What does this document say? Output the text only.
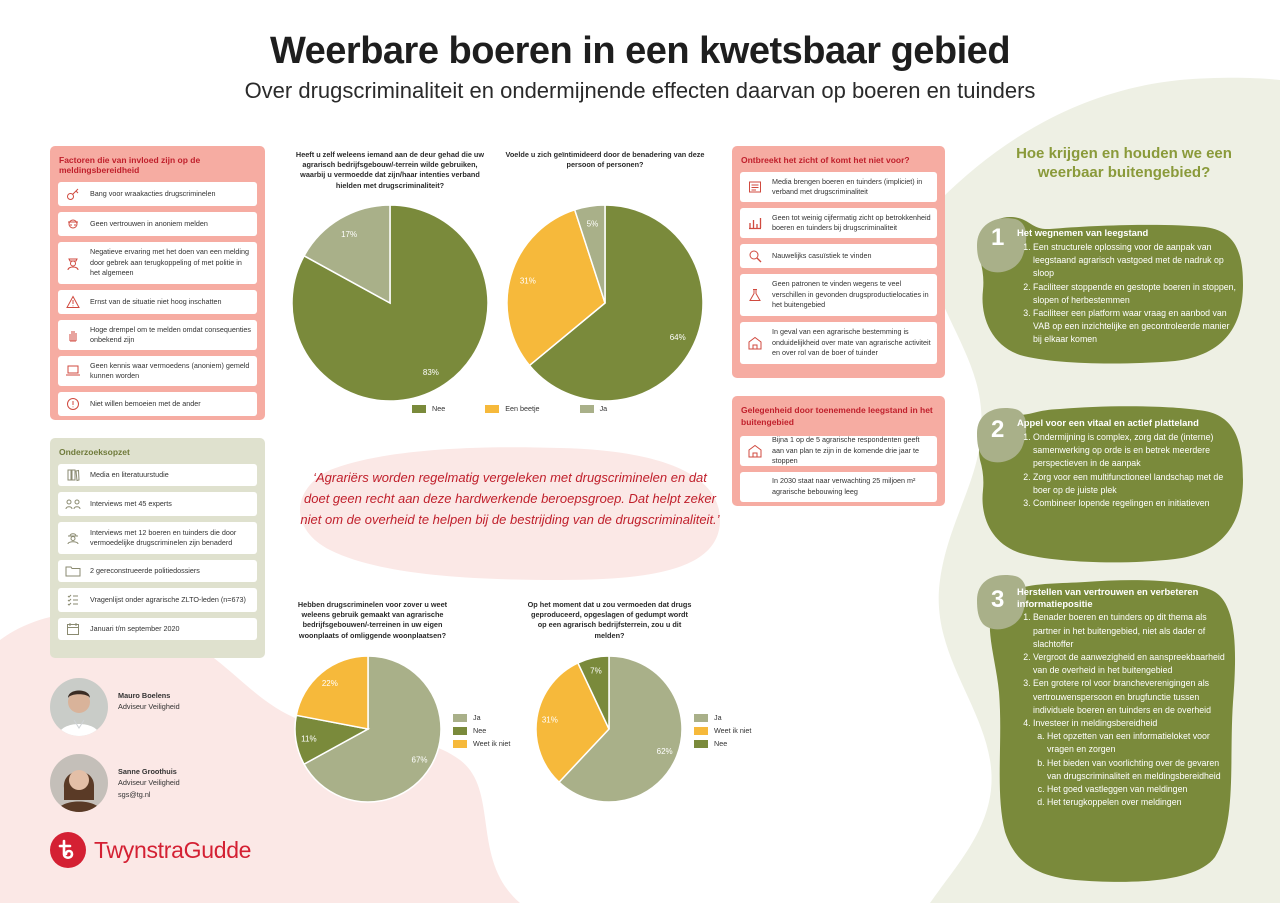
Weerbare boeren in een kwetsbaar gebied
Over drugscriminaliteit en ondermijnende effecten daarvan op boeren en tuinders
Factoren die van invloed zijn op de meldingsbereidheid
Bang voor wraakacties drugscriminelen
Geen vertrouwen in anoniem melden
Negatieve ervaring met het doen van een melding door gebrek aan terugkoppeling of met politie in het algemeen
Ernst van de situatie niet hoog inschatten
Hoge drempel om te melden omdat consequenties onbekend zijn
Geen kennis waar vermoedens (anoniem) gemeld kunnen worden
Niet willen bemoeien met de ander
Onderzoeksopzet
Media en literatuurstudie
Interviews met 45 experts
Interviews met 12 boeren en tuinders die door vermoedelijke drugscriminelen zijn benaderd
2 gereconstrueerde politiedossiers
Vragenlijst onder agrarische ZLTO-leden (n=673)
Januari t/m september 2020
Heeft u zelf weleens iemand aan de deur gehad die uw agrarisch bedrijfsgebouw/-terrein wilde gebruiken, waarbij u vermoedde dat zijn/haar intenties verband hielden met drugscriminaliteit?
83%
17%
Voelde u zich geïntimideerd door de benadering van deze persoon of personen?
64%
31%
5%
Nee	Een beetje	Ja
‘Agrariërs worden regelmatig vergeleken met drugscriminelen en dat doet geen recht aan deze hardwerkende beroepsgroep. Dat helpt zeker niet om de overheid te helpen bij de bestrijding van de drugscriminaliteit.’
Hebben drugscriminelen voor zover u weet weleens gebruik gemaakt van agrarische bedrijfsgebouwen/-terreinen in uw eigen woonplaats of omliggende woonplaatsen?
67%
11%
22%
Ja
Nee
Weet ik niet
Op het moment dat u zou vermoeden dat drugs geproduceerd, opgeslagen of gedumpt wordt op een agrarisch bedrijfsterrein, zou u dit melden?
62%
31%
7%
Ja
Weet ik niet
Nee
Ontbreekt het zicht of komt het niet voor?
Media brengen boeren en tuinders (impliciet) in verband met drugscriminaliteit
Geen tot weinig cijfermatig zicht op betrokkenheid boeren en tuinders bij drugscriminaliteit
Nauwelijks casuïstiek te vinden
Geen patronen te vinden wegens te veel verschillen in gevonden drugsproductielocaties in het buitengebied
In geval van een agrarische bestemming is onduidelijkheid over mate van agrarische activiteit en over rol van de boer of tuinder
Gelegenheid door toenemende leegstand in het buitengebied
Bijna 1 op de 5 agrarische respondenten geeft aan van plan te zijn in de komende drie jaar te stoppen
In 2030 staat naar verwachting 25 miljoen m² agrarische bebouwing leeg
Mauro Boelens
Adviseur Veiligheid
Sanne Groothuis
Adviseur Veiligheid
sgs@tg.nl
TwynstraGudde
Hoe krijgen en houden we een weerbaar buitengebied?
1 Het wegnemen van leegstand
1. Een structurele oplossing voor de aanpak van leegstaand agrarisch vastgoed met de nadruk op sloop
2. Faciliteer stoppende en gestopte boeren in stoppen, slopen of herbestemmen
3. Faciliteer een platform waar vraag en aanbod van VAB op een inzichtelijke en gecontroleerde manier bij elkaar komen
2 Appel voor een vitaal en actief platteland
1. Ondermijning is complex, zorg dat de (interne) samenwerking op orde is en betrek meerdere perspectieven in de aanpak
2. Zorg voor een multifunctioneel landschap met de boer op de juiste plek
3. Combineer lopende regelingen en initiatieven
3 Herstellen van vertrouwen en verbeteren informatiepositie
1. Benader boeren en tuinders op dit thema als partner in het buitengebied, niet als dader of slachtoffer
2. Vergroot de aanwezigheid en aanspreekbaarheid van de overheid in het buitengebied
3. Een grotere rol voor brancheverenigingen als vertrouwenspersoon en brugfunctie tussen individuele boeren en tuinders en de overheid
4. Investeer in meldingsbereidheid
a. Het opzetten van een informatieloket voor vragen en zorgen
b. Het bieden van voorlichting over de gevaren van drugscriminaliteit en meldingsbereidheid
c. Het goed vastleggen van meldingen
d. Het terugkoppelen over meldingen
